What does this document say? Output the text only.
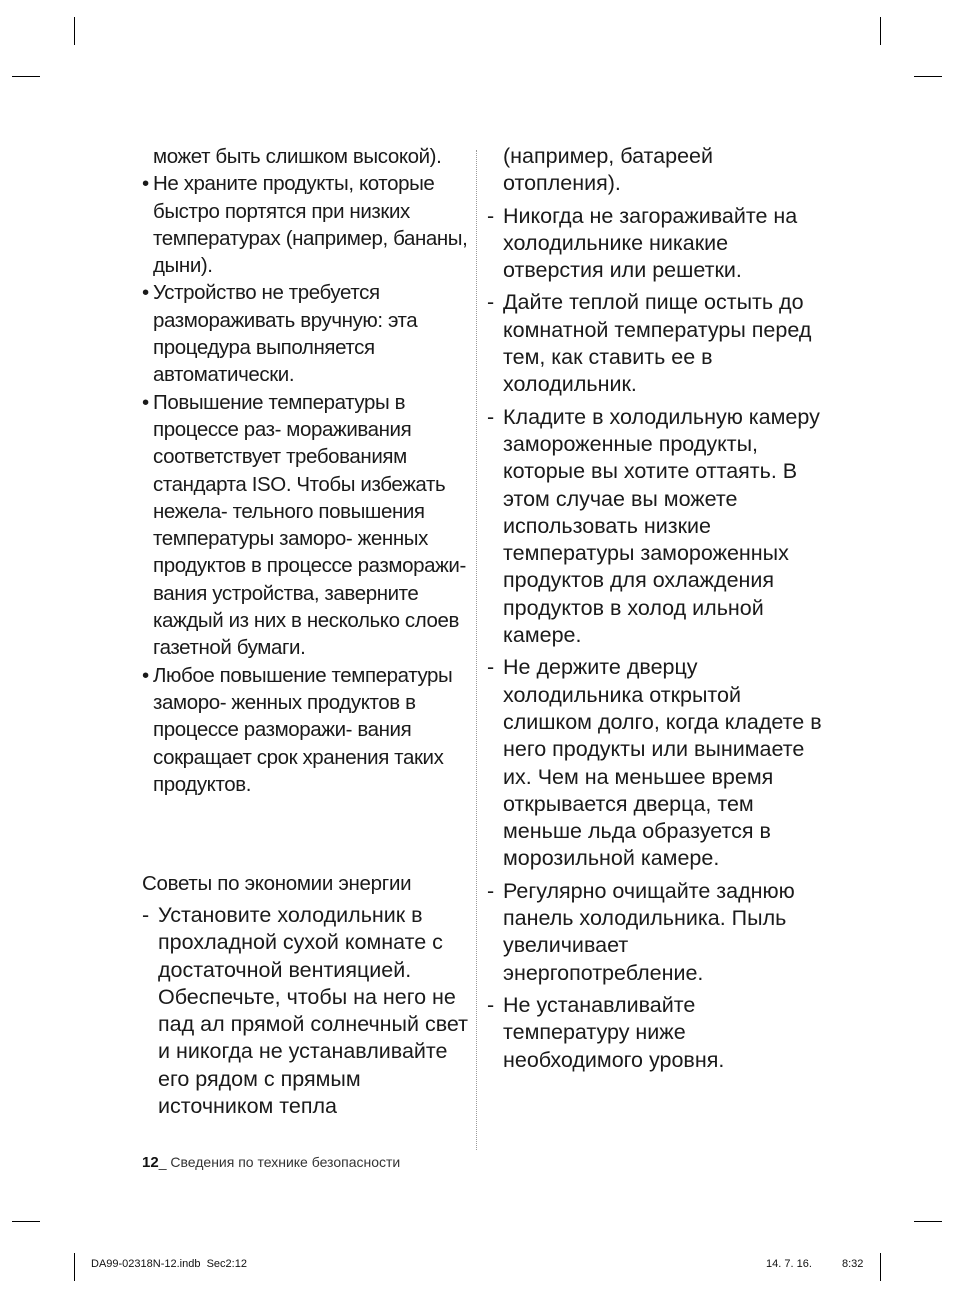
может быть слишком высокой).

• Не храните продукты, которые быстро портятся при низких температурах (например, бананы, дыни).

• Устройство не требуется размораживать вручную: эта процедура выполняется автоматически.

• Повышение температуры в процессе раз- мораживания соответствует требованиям стандарта ISO. Чтобы избежать нежела- тельного повышения температуры заморо- женных продуктов в процессе разморажи- вания устройства, заверните каждый из них в несколько слоев газетной бумаги.

• Любое повышение температуры заморо- женных продуктов в процессе разморажи- вания сокращает срок хранения таких продуктов.

Советы по экономии энергии
- Установите холодильник в прохладной сухой комнате с достаточной вентияцией. Обеспечьте, чтобы на него не пад ал прямой солнечный свет и никогда не устанавливайте его рядом с прямым источником тепла
(например, батареей отопления).
- Никогда не загораживайте на холодильнике никакие отверстия или решетки.
- Дайте теплой пище остыть до комнатной температуры перед тем, как ставить ее в холодильник.
- Кладите в холодильную камеру замороженные продукты, которые вы хотите оттаять. В этом случае вы можете использовать низкие температуры замороженных продуктов для охлаждения продуктов в холод ильной камере.
- Не держите дверцу холодильника открытой слишком долго, когда кладете в него продукты или вынимаете их. Чем на меньшее время открывается дверца, тем меньше льда образуется в морозильной камере.
- Регулярно очищайте заднюю панель холодильника. Пыль увеличивает энергопотребление.
- Не устанавливайте температуру ниже необходимого уровня.
12_ Сведения по технике безопасности
DA99-02318N-12.indb Sec2:12	14. 7. 16.	8:32
